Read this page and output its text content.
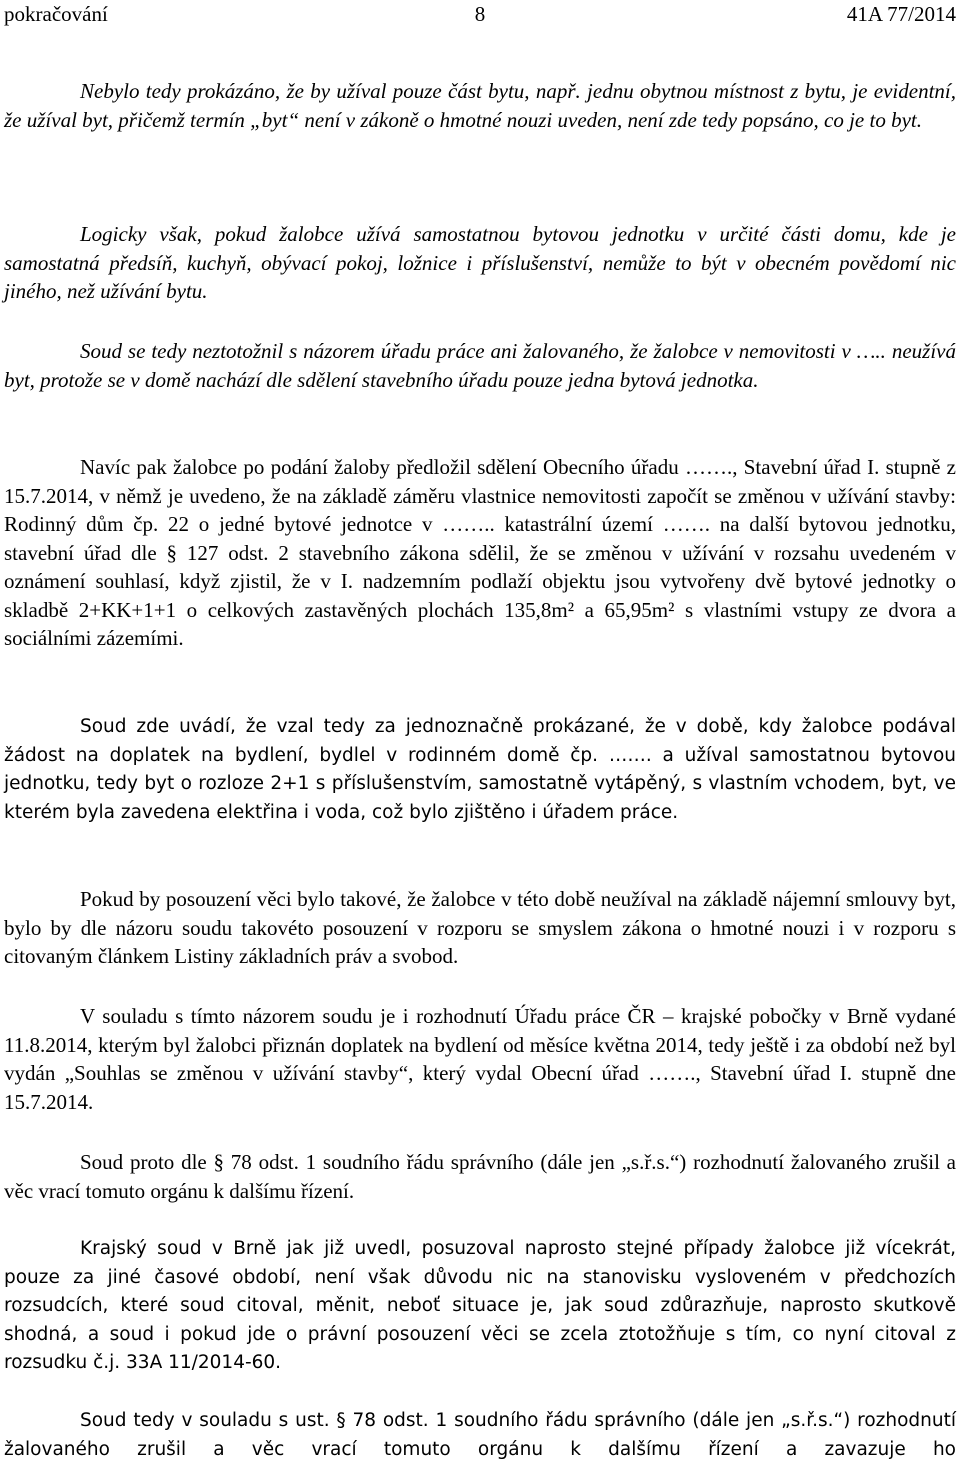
pokračování	8	41A 77/2014

Nebylo tedy prokázáno, že by užíval pouze část bytu, např. jednu obytnou místnost z bytu, je evidentní, že užíval byt, přičemž termín „byt“ není v zákoně o hmotné nouzi uveden, není zde tedy popsáno, co je to byt.

Logicky však, pokud žalobce užívá samostatnou bytovou jednotku v určité části domu, kde je samostatná předsíň, kuchyň, obývací pokoj, ložnice i příslušenství, nemůže to být v obecném povědomí nic jiného, než užívání bytu.

Soud se tedy neztotožnil s názorem úřadu práce ani žalovaného, že žalobce v nemovitosti v ….. neužívá byt, protože se v domě nachází dle sdělení stavebního úřadu pouze jedna bytová jednotka.

Navíc pak žalobce po podání žaloby předložil sdělení Obecního úřadu ……., Stavební úřad I. stupně z 15.7.2014, v němž je uvedeno, že na základě záměru vlastnice nemovitosti započít se změnou v užívání stavby: Rodinný dům čp. 22 o jedné bytové jednotce v …….. katastrální území ……. na další bytovou jednotku, stavební úřad dle § 127 odst. 2 stavebního zákona sdělil, že se změnou v užívání v rozsahu uvedeném v oznámení souhlasí, když zjistil, že v I. nadzemním podlaží objektu jsou vytvořeny dvě bytové jednotky o skladbě 2+KK+1+1 o celkových zastavěných plochách 135,8m² a 65,95m² s vlastními vstupy ze dvora a sociálními zázemími.

Soud zde uvádí, že vzal tedy za jednoznačně prokázané, že v době, kdy žalobce podával žádost na doplatek na bydlení, bydlel v rodinném domě čp. ……. a užíval samostatnou bytovou jednotku, tedy byt o rozloze 2+1 s příslušenstvím, samostatně vytápěný, s vlastním vchodem, byt, ve kterém byla zavedena elektřina i voda, což bylo zjištěno i úřadem práce.

Pokud by posouzení věci bylo takové, že žalobce v této době neužíval na základě nájemní smlouvy byt, bylo by dle názoru soudu takovéto posouzení v rozporu se smyslem zákona o hmotné nouzi i v rozporu s citovaným článkem Listiny základních práv a svobod.

V souladu s tímto názorem soudu je i rozhodnutí Úřadu práce ČR – krajské pobočky v Brně vydané 11.8.2014, kterým byl žalobci přiznán doplatek na bydlení od měsíce května 2014, tedy ještě i za období než byl vydán „Souhlas se změnou v užívání stavby“, který vydal Obecní úřad ……., Stavební úřad I. stupně dne 15.7.2014.

Soud proto dle § 78 odst. 1 soudního řádu správního (dále jen „s.ř.s.“) rozhodnutí žalovaného zrušil a věc vrací tomuto orgánu k dalšímu řízení.

Krajský soud v Brně jak již uvedl, posuzoval naprosto stejné případy žalobce již vícekrát, pouze za jiné časové období, není však důvodu nic na stanovisku vysloveném v předchozích rozsudcích, které soud citoval, měnit, neboť situace je, jak soud zdůrazňuje, naprosto skutkově shodná, a soud i pokud jde o právní posouzení věci se zcela ztotožňuje s tím, co nyní citoval z rozsudku č.j. 33A 11/2014-60.

Soud tedy v souladu s ust. § 78 odst. 1 soudního řádu správního (dále jen „s.ř.s.“) rozhodnutí žalovaného zrušil a věc vrací tomuto orgánu k dalšímu řízení a zavazuje ho
